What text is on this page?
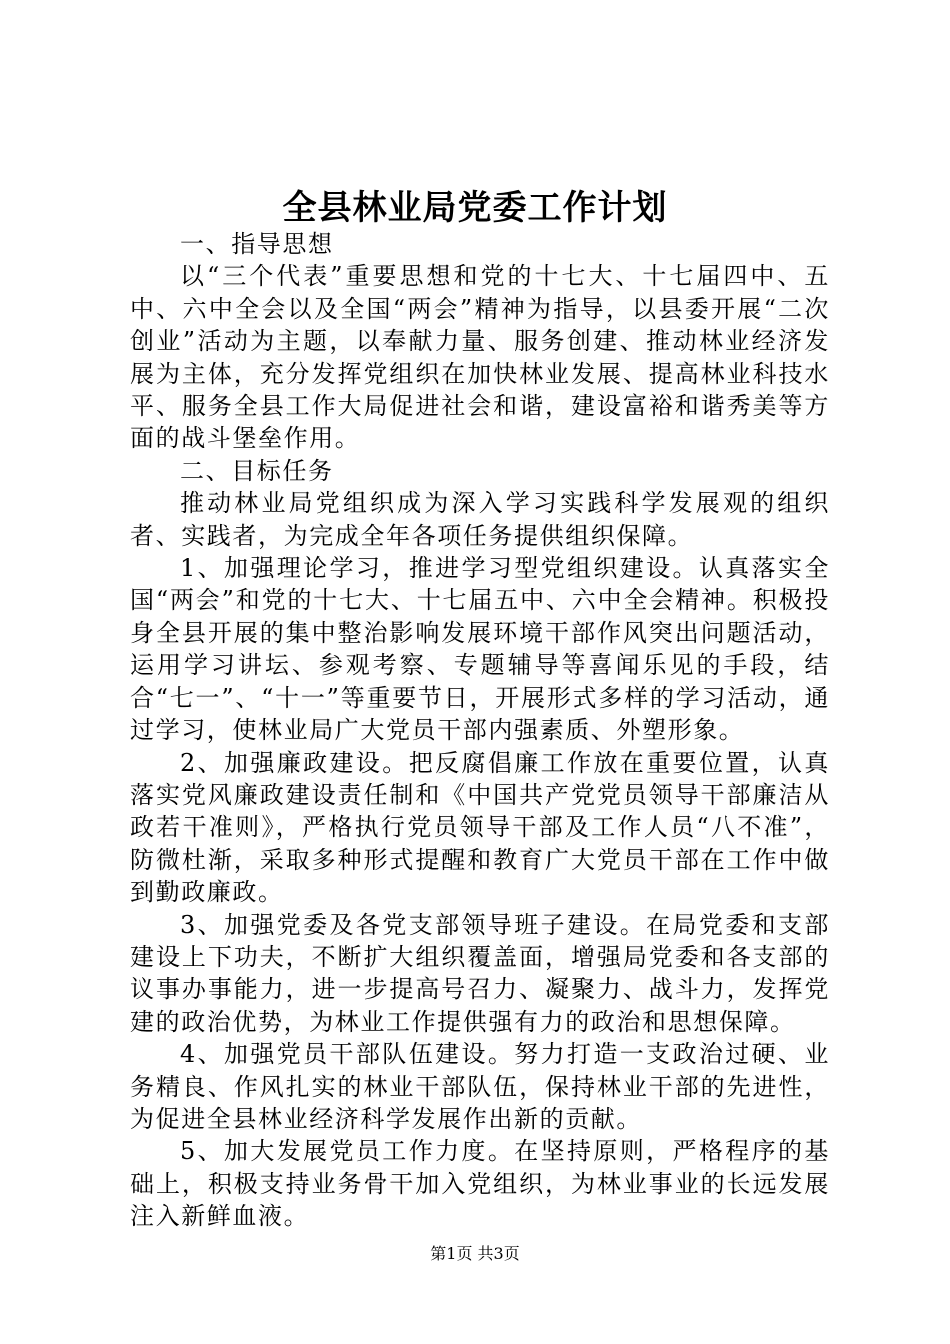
全县林业局党委工作计划

一、指导思想

以“三个代表”重要思想和党的十七大、十七届四中、五中、六中全会以及全国“两会”精神为指导，以县委开展“二次创业”活动为主题，以奉献力量、服务创建、推动林业经济发展为主体，充分发挥党组织在加快林业发展、提高林业科技水平、服务全县工作大局促进社会和谐，建设富裕和谐秀美等方面的战斗堡垒作用。

二、目标任务

推动林业局党组织成为深入学习实践科学发展观的组织者、实践者，为完成全年各项任务提供组织保障。

1、加强理论学习，推进学习型党组织建设。认真落实全国“两会”和党的十七大、十七届五中、六中全会精神。积极投身全县开展的集中整治影响发展环境干部作风突出问题活动，运用学习讲坛、参观考察、专题辅导等喜闻乐见的手段，结合“七一”、“十一”等重要节日，开展形式多样的学习活动，通过学习，使林业局广大党员干部内强素质、外塑形象。

2、加强廉政建设。把反腐倡廉工作放在重要位置，认真落实党风廉政建设责任制和《中国共产党党员领导干部廉洁从政若干准则》，严格执行党员领导干部及工作人员“八不准”，防微杜渐，采取多种形式提醒和教育广大党员干部在工作中做到勤政廉政。

3、加强党委及各党支部领导班子建设。在局党委和支部建设上下功夫，不断扩大组织覆盖面，增强局党委和各支部的议事办事能力，进一步提高号召力、凝聚力、战斗力，发挥党建的政治优势，为林业工作提供强有力的政治和思想保障。

4、加强党员干部队伍建设。努力打造一支政治过硬、业务精良、作风扎实的林业干部队伍，保持林业干部的先进性，为促进全县林业经济科学发展作出新的贡献。

5、加大发展党员工作力度。在坚持原则，严格程序的基础上，积极支持业务骨干加入党组织，为林业事业的长远发展注入新鲜血液。

第1页 共3页
